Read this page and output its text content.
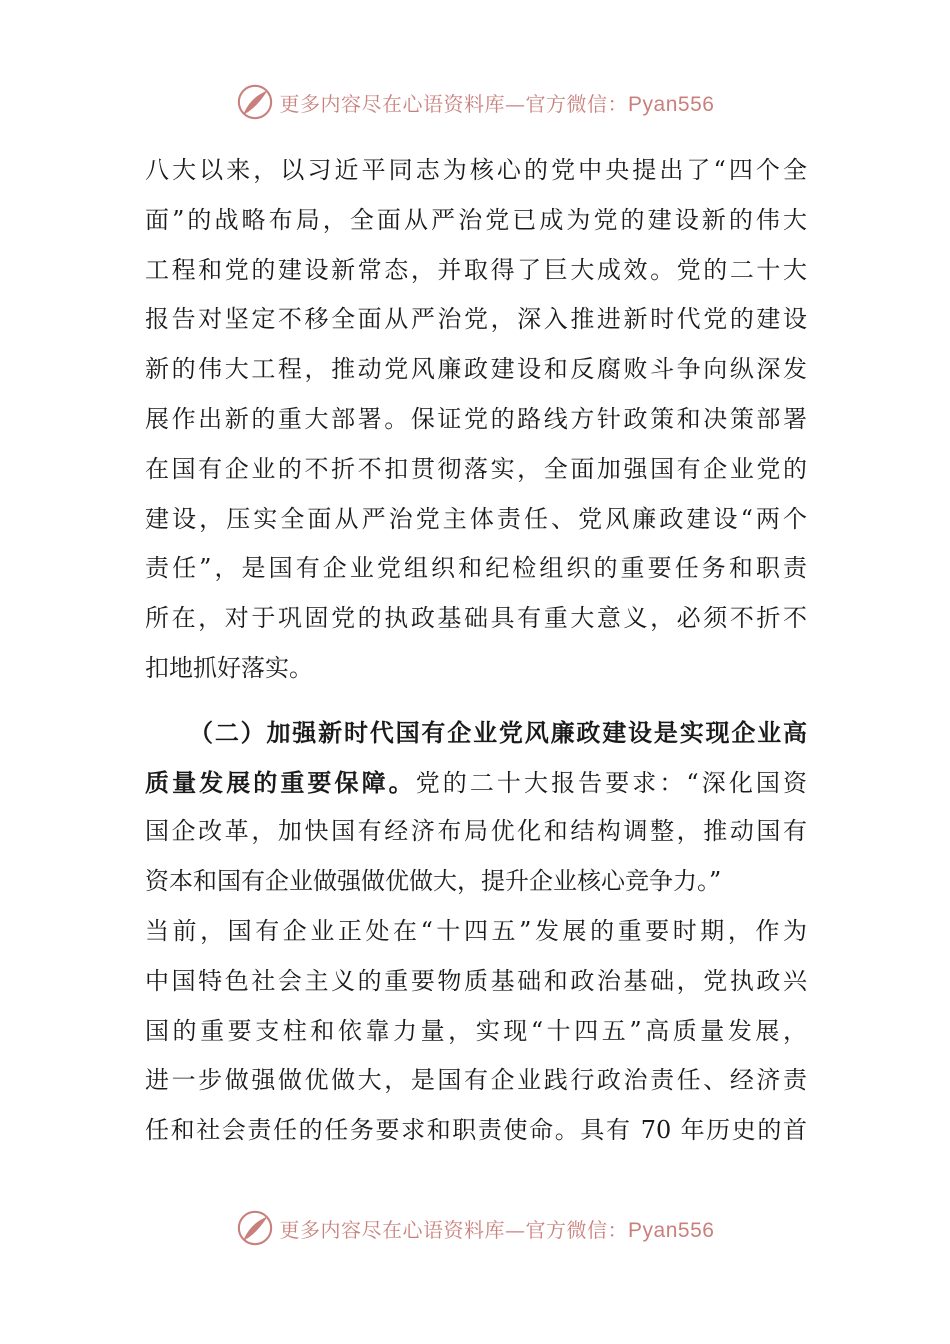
更多内容尽在心语资料库—官方微信：Pyan556
八大以来，以习近平同志为核心的党中央提出了“四个全
面”的战略布局，全面从严治党已成为党的建设新的伟大
工程和党的建设新常态，并取得了巨大成效。党的二十大
报告对坚定不移全面从严治党，深入推进新时代党的建设
新的伟大工程，推动党风廉政建设和反腐败斗争向纵深发
展作出新的重大部署。保证党的路线方针政策和决策部署
在国有企业的不折不扣贯彻落实，全面加强国有企业党的
建设，压实全面从严治党主体责任、党风廉政建设“两个
责任”，是国有企业党组织和纪检组织的重要任务和职责
所在，对于巩固党的执政基础具有重大意义，必须不折不
扣地抓好落实。
（二）加强新时代国有企业党风廉政建设是实现企业高
质量发展的重要保障。党的二十大报告要求：“深化国资
国企改革，加快国有经济布局优化和结构调整，推动国有
资本和国有企业做强做优做大，提升企业核心竞争力。”
当前，国有企业正处在“十四五”发展的重要时期，作为
中国特色社会主义的重要物质基础和政治基础，党执政兴
国的重要支柱和依靠力量，实现“十四五”高质量发展，
进一步做强做优做大，是国有企业践行政治责任、经济责
任和社会责任的任务要求和职责使命。具有 70 年历史的首
更多内容尽在心语资料库—官方微信：Pyan556
